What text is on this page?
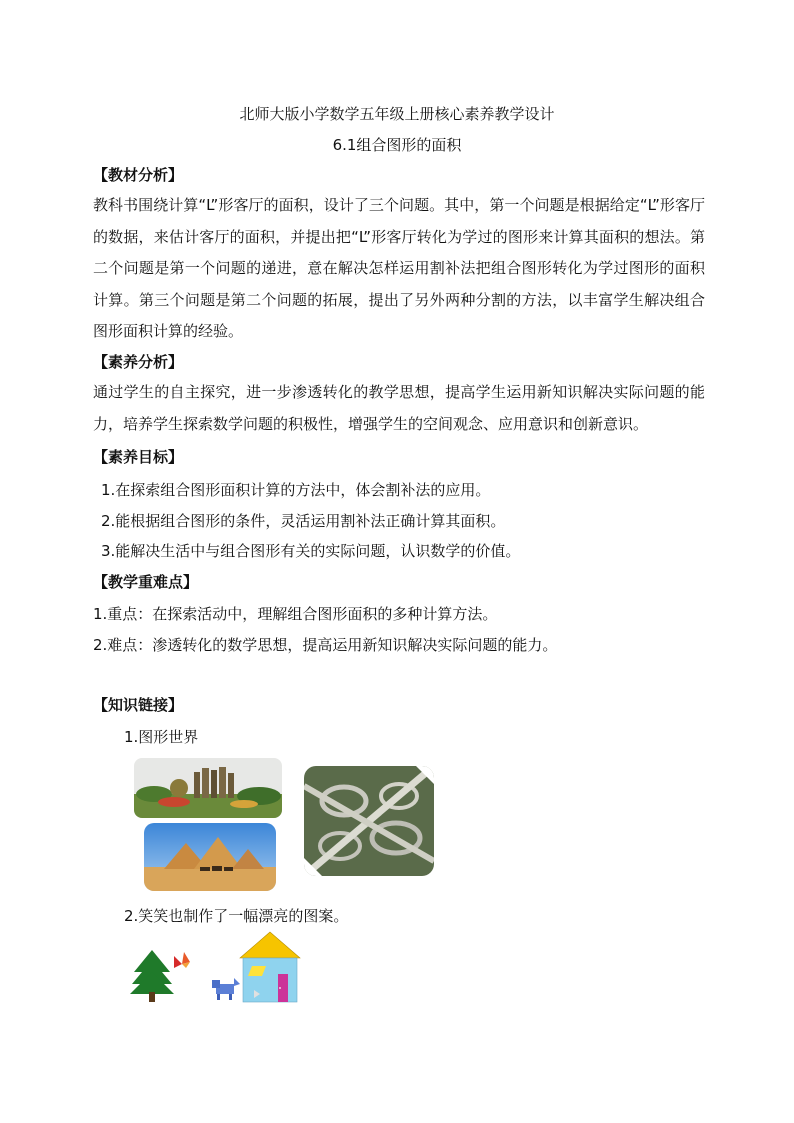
北师大版小学数学五年级上册核心素养教学设计
6.1组合图形的面积
【教材分析】
教科书围绕计算“L”形客厅的面积，设计了三个问题。其中，第一个问题是根据给定“L”形客厅的数据，来估计客厅的面积，并提出把“L”形客厅转化为学过的图形来计算其面积的想法。第二个问题是第一个问题的递进，意在解决怎样运用割补法把组合图形转化为学过图形的面积计算。第三个问题是第二个问题的拓展，提出了另外两种分割的方法，以丰富学生解决组合图形面积计算的经验。
【素养分析】
通过学生的自主探究，进一步渗透转化的教学思想，提高学生运用新知识解决实际问题的能力，培养学生探索数学问题的积极性，增强学生的空间观念、应用意识和创新意识。
【素养目标】
1.在探索组合图形面积计算的方法中，体会割补法的应用。
2.能根据组合图形的条件，灵活运用割补法正确计算其面积。
3.能解决生活中与组合图形有关的实际问题，认识数学的价值。
【教学重难点】
1.重点：在探索活动中，理解组合图形面积的多种计算方法。
2.难点：渗透转化的数学思想，提高运用新知识解决实际问题的能力。
【知识链接】
1.图形世界
2.笑笑也制作了一幅漂亮的图案。
